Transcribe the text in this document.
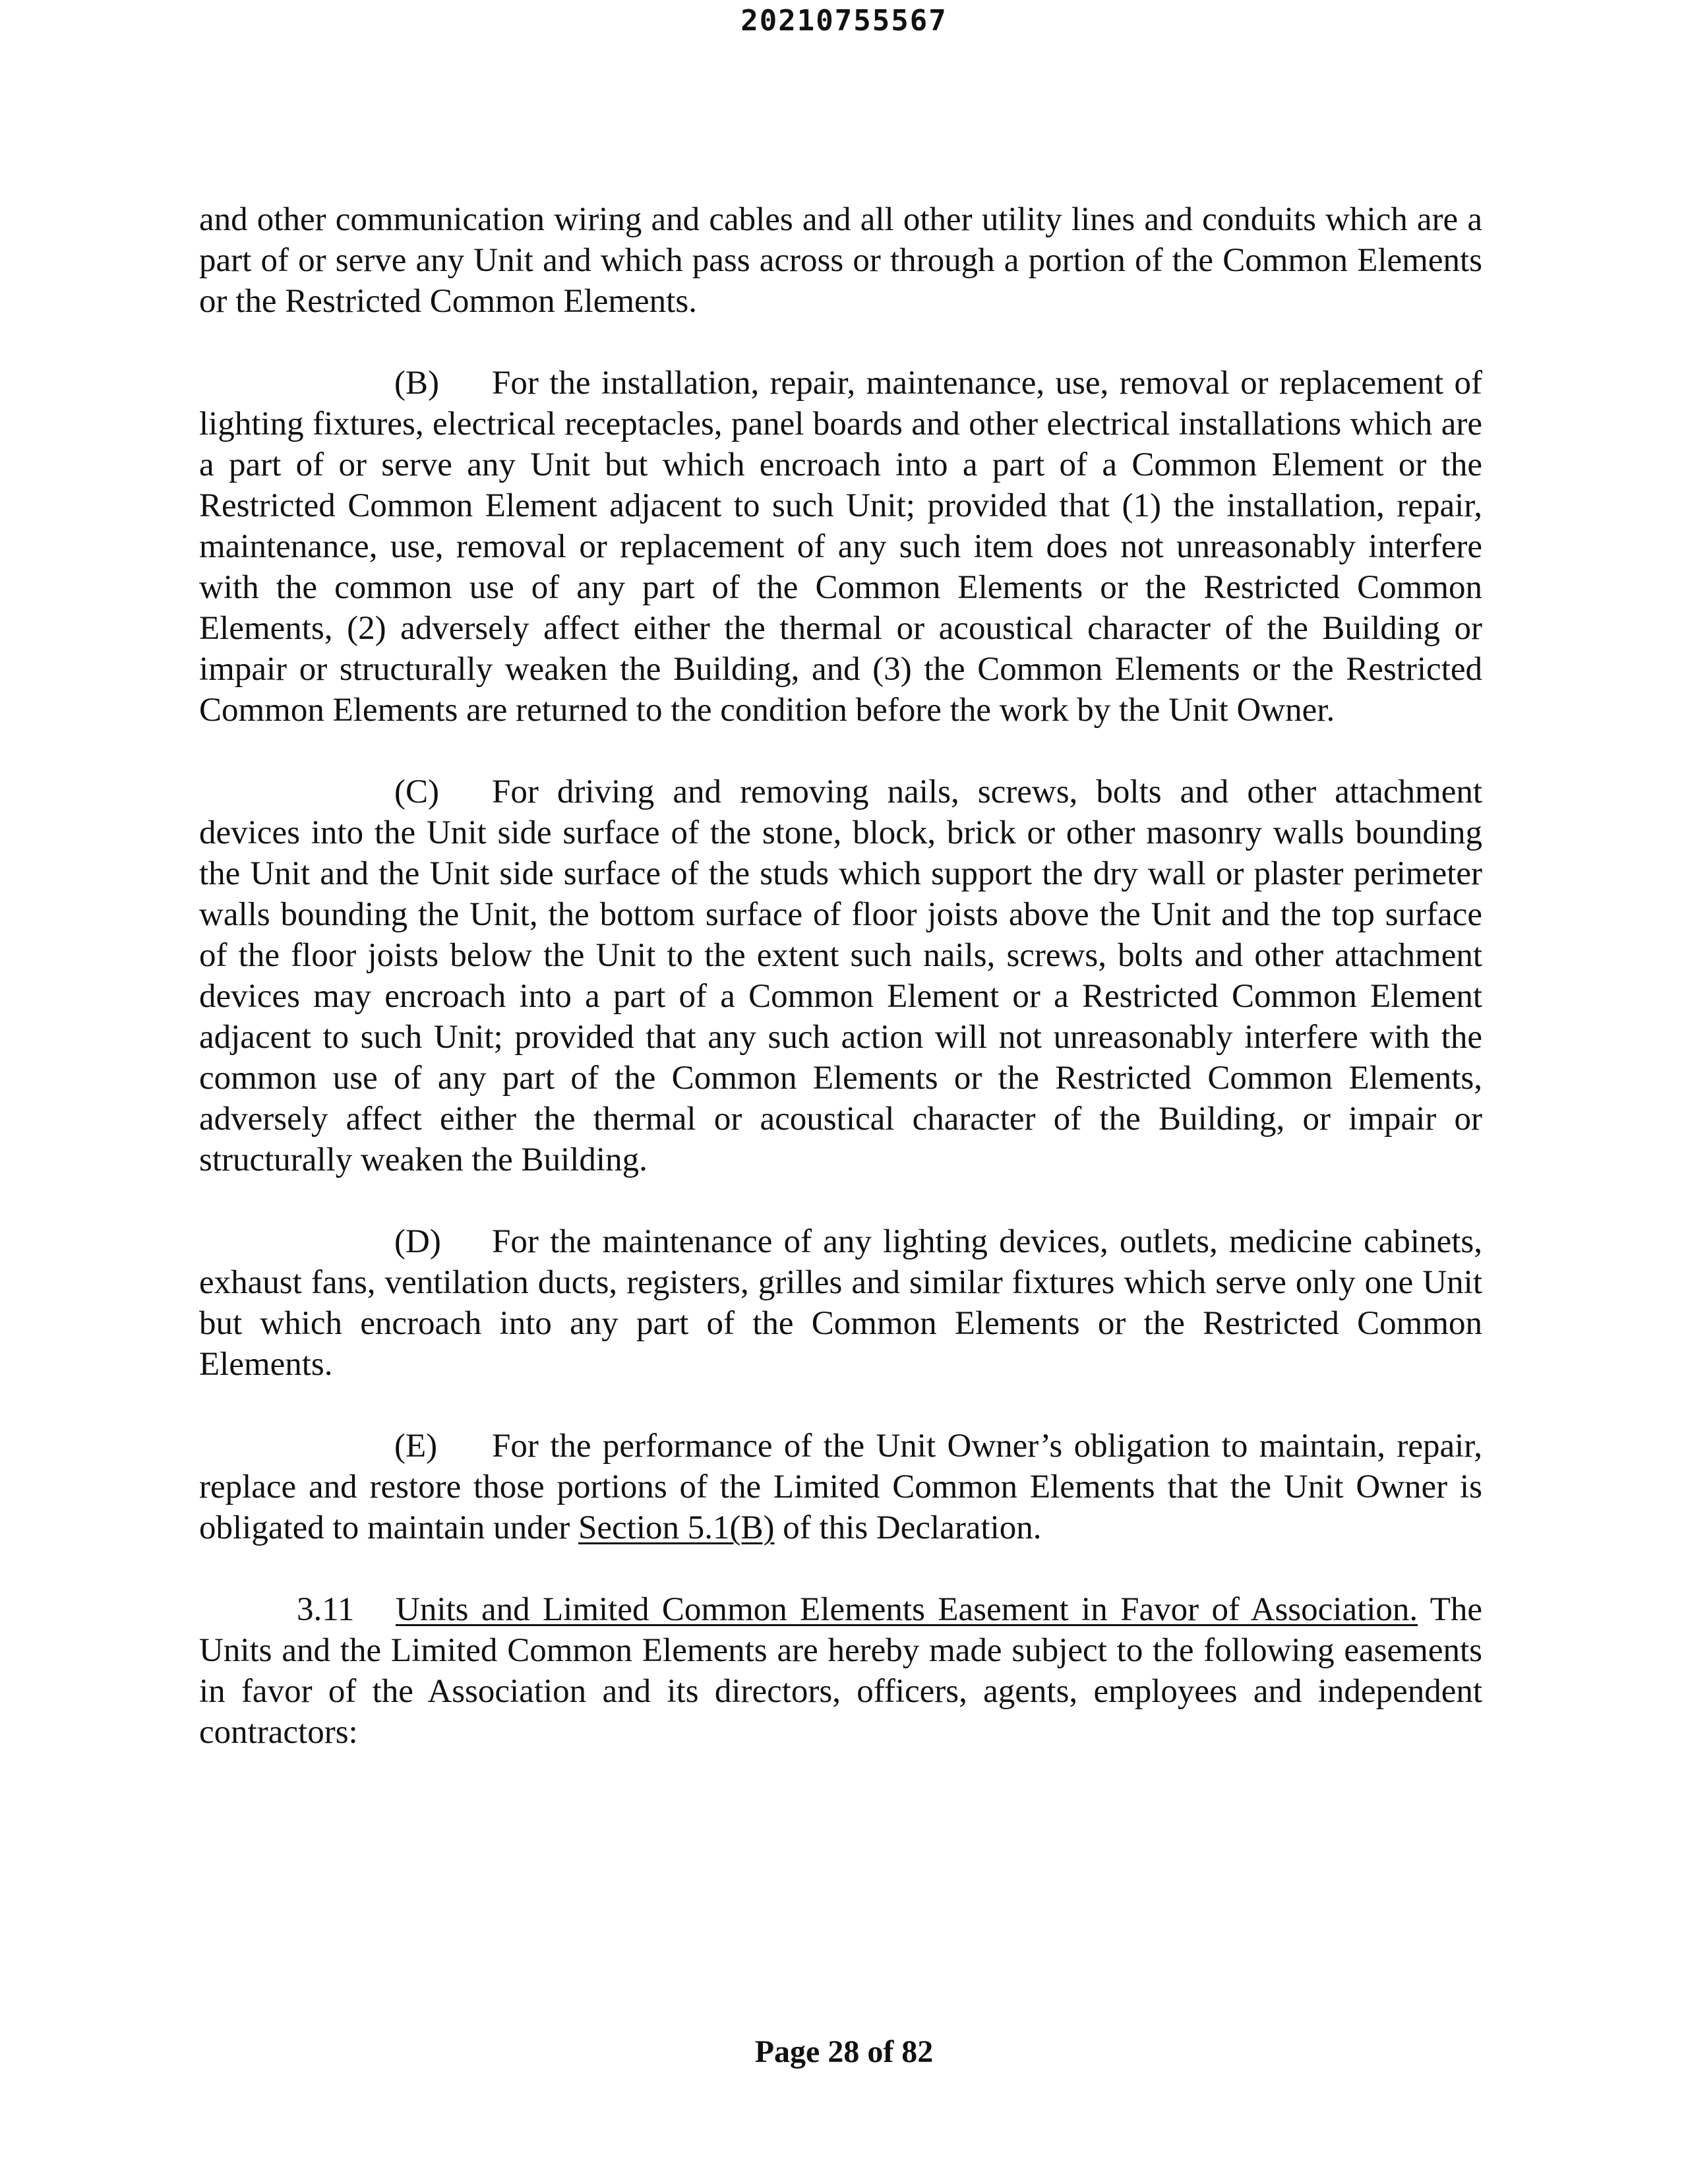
20210755567

and other communication wiring and cables and all other utility lines and conduits which are a part of or serve any Unit and which pass across or through a portion of the Common Elements or the Restricted Common Elements.

(B) For the installation, repair, maintenance, use, removal or replacement of lighting fixtures, electrical receptacles, panel boards and other electrical installations which are a part of or serve any Unit but which encroach into a part of a Common Element or the Restricted Common Element adjacent to such Unit; provided that (1) the installation, repair, maintenance, use, removal or replacement of any such item does not unreasonably interfere with the common use of any part of the Common Elements or the Restricted Common Elements, (2) adversely affect either the thermal or acoustical character of the Building or impair or structurally weaken the Building, and (3) the Common Elements or the Restricted Common Elements are returned to the condition before the work by the Unit Owner.

(C) For driving and removing nails, screws, bolts and other attachment devices into the Unit side surface of the stone, block, brick or other masonry walls bounding the Unit and the Unit side surface of the studs which support the dry wall or plaster perimeter walls bounding the Unit, the bottom surface of floor joists above the Unit and the top surface of the floor joists below the Unit to the extent such nails, screws, bolts and other attachment devices may encroach into a part of a Common Element or a Restricted Common Element adjacent to such Unit; provided that any such action will not unreasonably interfere with the common use of any part of the Common Elements or the Restricted Common Elements, adversely affect either the thermal or acoustical character of the Building, or impair or structurally weaken the Building.

(D) For the maintenance of any lighting devices, outlets, medicine cabinets, exhaust fans, ventilation ducts, registers, grilles and similar fixtures which serve only one Unit but which encroach into any part of the Common Elements or the Restricted Common Elements.

(E) For the performance of the Unit Owner’s obligation to maintain, repair, replace and restore those portions of the Limited Common Elements that the Unit Owner is obligated to maintain under Section 5.1(B) of this Declaration.

3.11 Units and Limited Common Elements Easement in Favor of Association. The Units and the Limited Common Elements are hereby made subject to the following easements in favor of the Association and its directors, officers, agents, employees and independent contractors:

Page 28 of 82
